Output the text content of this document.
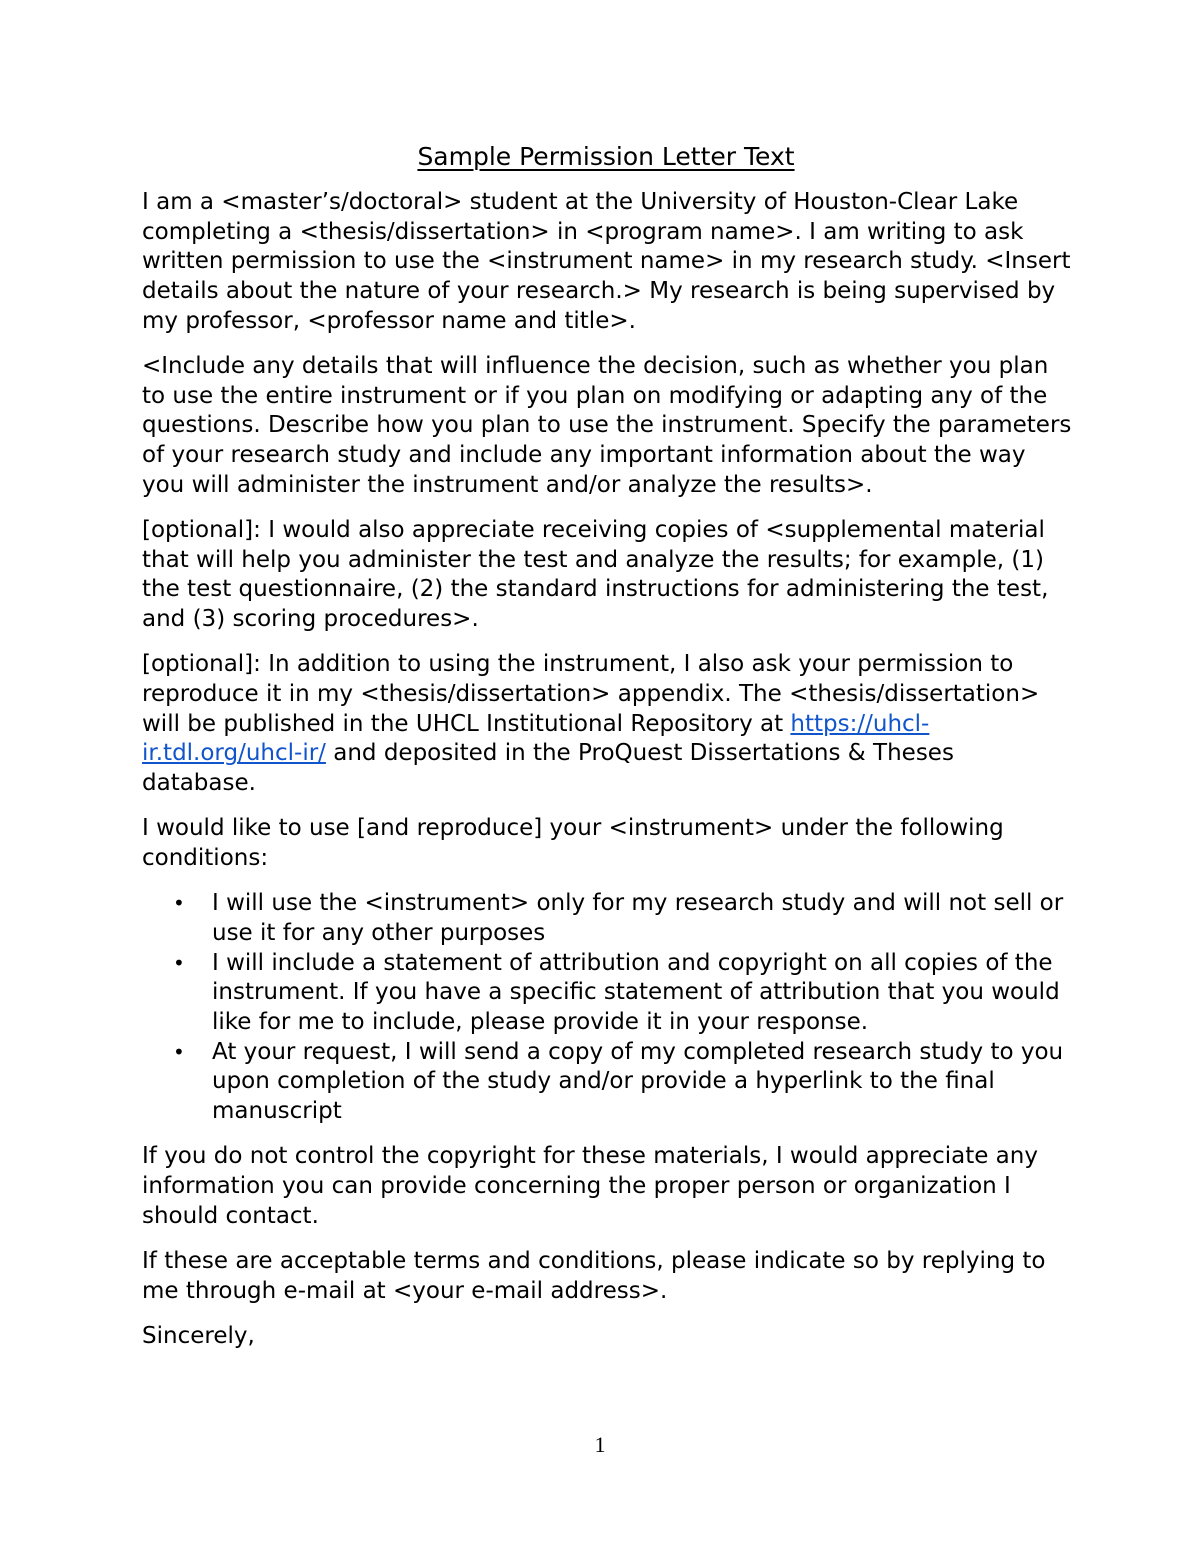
Sample Permission Letter Text

I am a <master’s/doctoral> student at the University of Houston-Clear Lake completing a <thesis/dissertation> in <program name>. I am writing to ask written permission to use the <instrument name> in my research study. <Insert details about the nature of your research.> My research is being supervised by my professor, <professor name and title>.

<Include any details that will influence the decision, such as whether you plan to use the entire instrument or if you plan on modifying or adapting any of the questions. Describe how you plan to use the instrument. Specify the parameters of your research study and include any important information about the way you will administer the instrument and/or analyze the results>.

[optional]: I would also appreciate receiving copies of <supplemental material that will help you administer the test and analyze the results; for example, (1) the test questionnaire, (2) the standard instructions for administering the test, and (3) scoring procedures>.

[optional]: In addition to using the instrument, I also ask your permission to reproduce it in my <thesis/dissertation> appendix. The <thesis/dissertation> will be published in the UHCL Institutional Repository at https://uhcl-ir.tdl.org/uhcl-ir/ and deposited in the ProQuest Dissertations & Theses database.

I would like to use [and reproduce] your <instrument> under the following conditions:

• I will use the <instrument> only for my research study and will not sell or use it for any other purposes
• I will include a statement of attribution and copyright on all copies of the instrument. If you have a specific statement of attribution that you would like for me to include, please provide it in your response.
• At your request, I will send a copy of my completed research study to you upon completion of the study and/or provide a hyperlink to the final manuscript

If you do not control the copyright for these materials, I would appreciate any information you can provide concerning the proper person or organization I should contact.

If these are acceptable terms and conditions, please indicate so by replying to me through e-mail at <your e-mail address>.

Sincerely,

1
